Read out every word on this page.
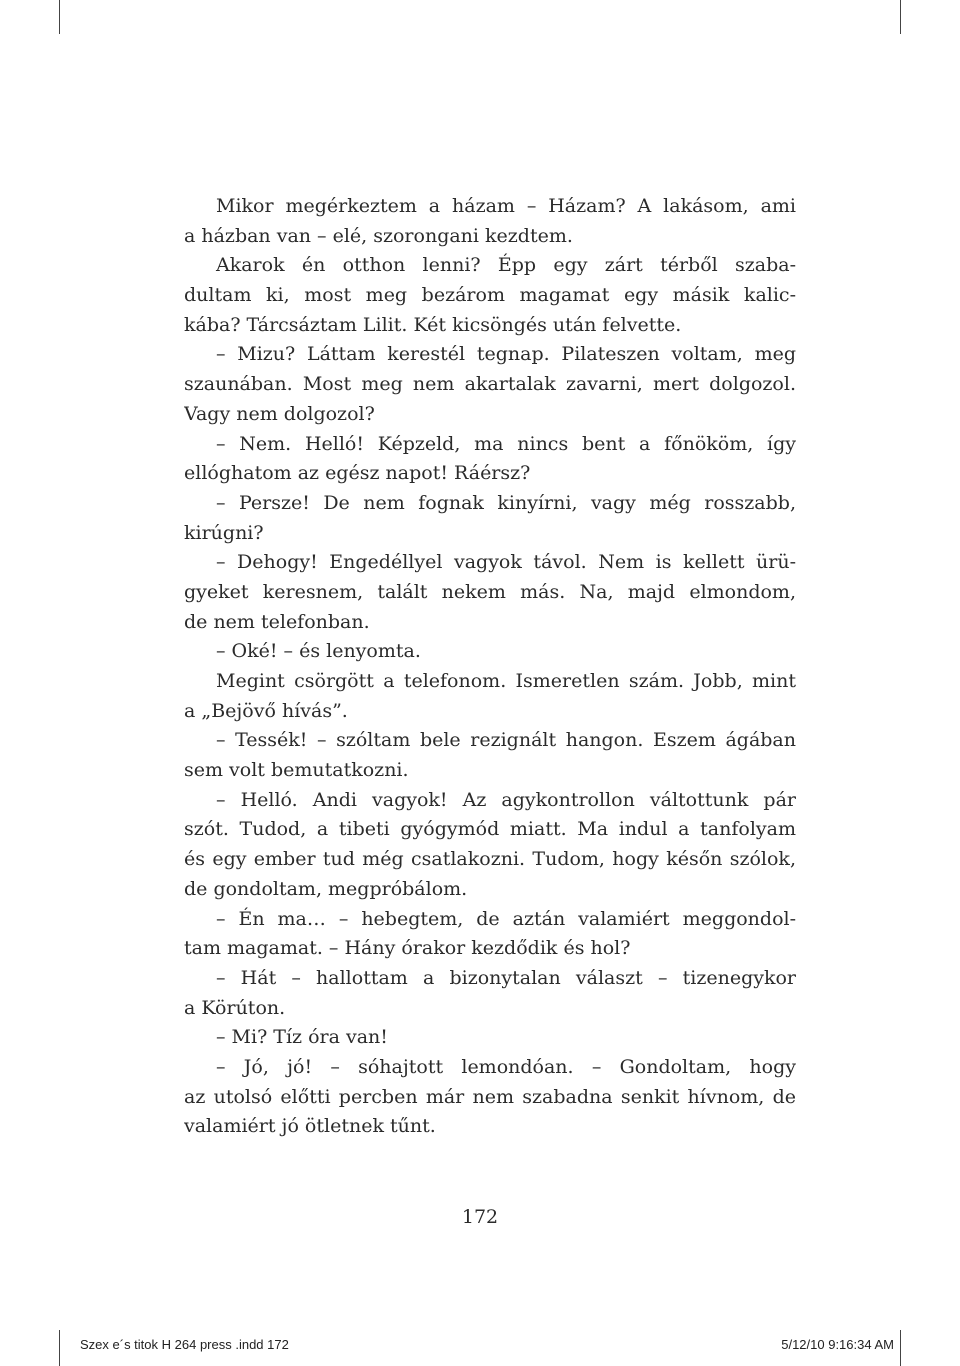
Mikor megérkeztem a házam – Házam? A lakásom, ami
a házban van – elé, szorongani kezdtem.
Akarok én otthon lenni? Épp egy zárt térből szaba-
dultam ki, most meg bezárom magamat egy másik kalic-
kába? Tárcsáztam Lilit. Két kicsöngés után felvette.
– Mizu? Láttam kerestél tegnap. Pilateszen voltam, meg
szaunában. Most meg nem akartalak zavarni, mert dolgozol.
Vagy nem dolgozol?
– Nem. Helló! Képzeld, ma nincs bent a főnököm, így
ellóghatom az egész napot! Ráérsz?
– Persze! De nem fognak kinyírni, vagy még rosszabb,
kirúgni?
– Dehogy! Engedéllyel vagyok távol. Nem is kellett ürü-
gyeket keresnem, talált nekem más. Na, majd elmondom,
de nem telefonban.
– Oké! – és lenyomta.
Megint csörgött a telefonom. Ismeretlen szám. Jobb, mint
a „Bejövő hívás”.
– Tessék! – szóltam bele rezignált hangon. Eszem ágában
sem volt bemutatkozni.
– Helló. Andi vagyok! Az agykontrollon váltottunk pár
szót. Tudod, a tibeti gyógymód miatt. Ma indul a tanfolyam
és egy ember tud még csatlakozni. Tudom, hogy későn szólok,
de gondoltam, megpróbálom.
– Én ma… – hebegtem, de aztán valamiért meggondol-
tam magamat. – Hány órakor kezdődik és hol?
– Hát – hallottam a bizonytalan választ – tizenegykor
a Körúton.
– Mi? Tíz óra van!
– Jó, jó! – sóhajtott lemondóan. – Gondoltam, hogy
az utolsó előtti percben már nem szabadna senkit hívnom, de
valamiért jó ötletnek tűnt.
172
Szex e´s titok H 264 press .indd 172	5/12/10 9:16:34 AM
